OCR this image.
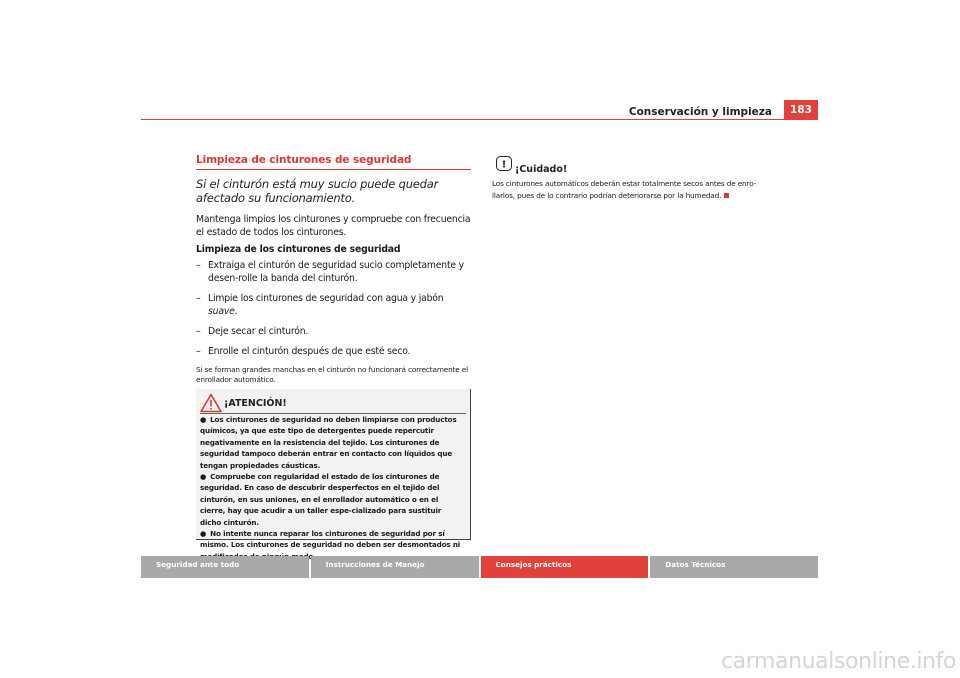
Conservación y limpieza	183
Limpieza de cinturones de seguridad
Si el cinturón está muy sucio puede quedar afectado su funcionamiento.
Mantenga limpios los cinturones y compruebe con frecuencia el estado de todos los cinturones.
Limpieza de los cinturones de seguridad
– Extraiga el cinturón de seguridad sucio completamente y desen-rolle la banda del cinturón.
– Limpie los cinturones de seguridad con agua y jabón suave.
– Deje secar el cinturón.
– Enrolle el cinturón después de que esté seco.
Si se forman grandes manchas en el cinturón no funcionará correctamente el enrollador automático.
¡ATENCIÓN!
● Los cinturones de seguridad no deben limpiarse con productos químicos, ya que este tipo de detergentes puede repercutir negativamente en la resistencia del tejido. Los cinturones de seguridad tampoco deberán entrar en contacto con líquidos que tengan propiedades cáusticas.
● Compruebe con regularidad el estado de los cinturones de seguridad. En caso de descubrir desperfectos en el tejido del cinturón, en sus uniones, en el enrollador automático o en el cierre, hay que acudir a un taller espe-cializado para sustituir dicho cinturón.
● No intente nunca reparar los cinturones de seguridad por sí mismo. Los cinturones de seguridad no deben ser desmontados ni
! ¡Cuidado!
Los cinturones automáticos deberán estar totalmente secos antes de enro-llarlos, pues de lo contrario podrían deteriorarse por la humedad.
Seguridad ante todo	Instrucciones de Manejo	Consejos prácticos	Datos Técnicos
carmanualsonline.info
